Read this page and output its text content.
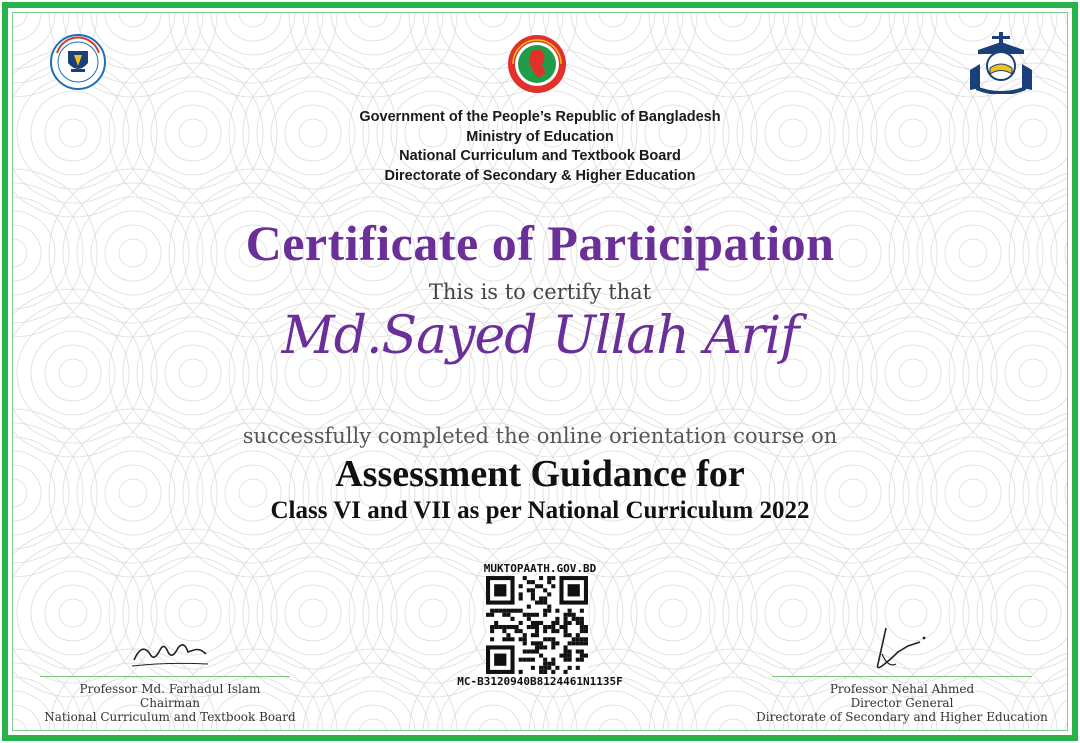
Government of the People’s Republic of Bangladesh
Ministry of Education
National Curriculum and Textbook Board
Directorate of Secondary & Higher Education
Certificate of Participation
This is to certify that
Md.Sayed Ullah Arif
successfully completed the online orientation course on
Assessment Guidance for
Class VI and VII as per National Curriculum 2022
MUKTOPAATH.GOV.BD
MC-B3120940B8124461N1135F
Professor Md. Farhadul Islam
Chairman
National Curriculum and Textbook Board
Professor Nehal Ahmed
Director General
Directorate of Secondary and Higher Education
